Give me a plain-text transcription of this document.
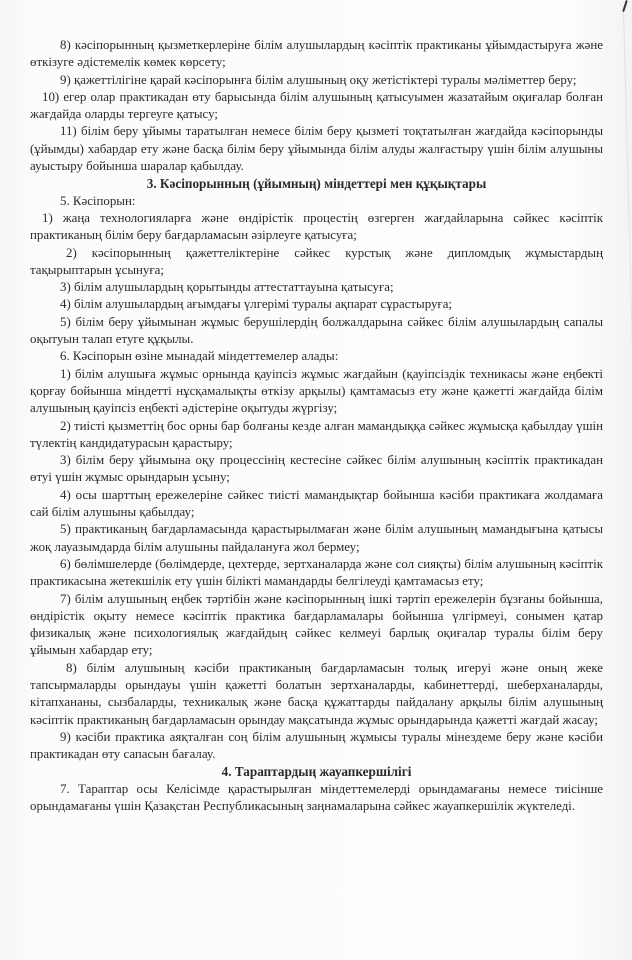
8) кәсіпорынның қызметкерлеріне білім алушылардың кәсіптік практиканы ұйымдастыруға және өткізуге әдістемелік көмек көрсету;

9) қажеттілігіне қарай кәсіпорынға білім алушының оқу жетістіктері туралы мәліметтер беру;

10) егер олар практикадан өту барысында білім алушының қатысуымен жазатайым оқиғалар болған жағдайда оларды тергеуге қатысу;

11) білім беру ұйымы таратылған немесе білім беру қызметі тоқтатылған жағдайда кәсіпорынды (ұйымды) хабардар ету және басқа білім беру ұйымында білім алуды жалғастыру үшін білім алушыны ауыстыру бойынша шаралар қабылдау.

3. Кәсіпорынның (ұйымның) міндеттері мен құқықтары

5. Кәсіпорын:

1) жаңа технологияларға және өндірістік процестің өзгерген жағдайларына сәйкес кәсіптік практиканың білім беру бағдарламасын әзірлеуге қатысуға;

2) кәсіпорынның қажеттеліктеріне сәйкес курстық және дипломдық жұмыстардың тақырыптарын ұсынуға;

3) білім алушылардың қорытынды аттестаттауына қатысуға;

4) білім алушылардың ағымдағы үлгерімі туралы ақпарат сұрастыруға;

5) білім беру ұйымынан жұмыс берушілердің болжалдарына сәйкес білім алушылардың сапалы оқытуын талап етуге құқылы.

6. Кәсіпорын өзіне мынадай міндеттемелер алады:

1) білім алушыға жұмыс орнында қауіпсіз жұмыс жағдайын (қауіпсіздік техникасы және еңбекті қорғау бойынша міндетті нұсқамалықты өткізу арқылы) қамтамасыз ету және қажетті жағдайда білім алушының қауіпсіз еңбекті әдістеріне оқытуды жүргізу;

2) тиісті қызметтің бос орны бар болғаны кезде алған мамандыққа сәйкес жұмысқа қабылдау үшін түлектің кандидатурасын қарастыру;

3) білім беру ұйымына оқу процессінің кестесіне сәйкес білім алушының кәсіптік практикадан өтуі үшін жұмыс орындарын ұсыну;

4) осы шарттың ережелеріне сәйкес тиісті мамандықтар бойынша кәсіби практикаға жолдамаға сай білім алушыны қабылдау;

5) практиканың бағдарламасында қарастырылмаған және білім алушының мамандығына қатысы жоқ лауазымдарда білім алушыны пайдалануға жол бермеу;

6) бөлімшелерде (бөлімдерде, цехтерде, зертханаларда және сол сияқты) білім алушының кәсіптік практикасына жетекшілік ету үшін білікті мамандарды белгілеуді қамтамасыз ету;

7) білім алушының еңбек тәртібін және кәсіпорынның ішкі тәртіп ережелерін бұзғаны бойынша, өндірістік оқыту немесе кәсіптік практика бағдарламалары бойынша үлгірмеуі, сонымен қатар физикалық және психологиялық жағдайдың сәйкес келмеуі барлық оқиғалар туралы білім беру ұйымын хабардар ету;

8) білім алушының кәсіби практиканың бағдарламасын толық игеруі және оның жеке тапсырмаларды орындауы үшін қажетті болатын зертханаларды, кабинеттерді, шеберханаларды, кітапхананы, сызбаларды, техникалық және басқа құжаттарды пайдалану арқылы білім алушының кәсіптік практиканың бағдарламасын орындау мақсатында жұмыс орындарында қажетті жағдай жасау;

9) кәсіби практика аяқталған соң білім алушының жұмысы туралы мінездеме беру және кәсіби практикадан өту сапасын бағалау.

4. Тараптардың жауапкершілігі

7. Тараптар осы Келісімде қарастырылған міндеттемелерді орындамағаны немесе тиісінше орындамағаны үшін Қазақстан Республикасының заңнамаларына сәйкес жауапкершілік жүктеледі.
